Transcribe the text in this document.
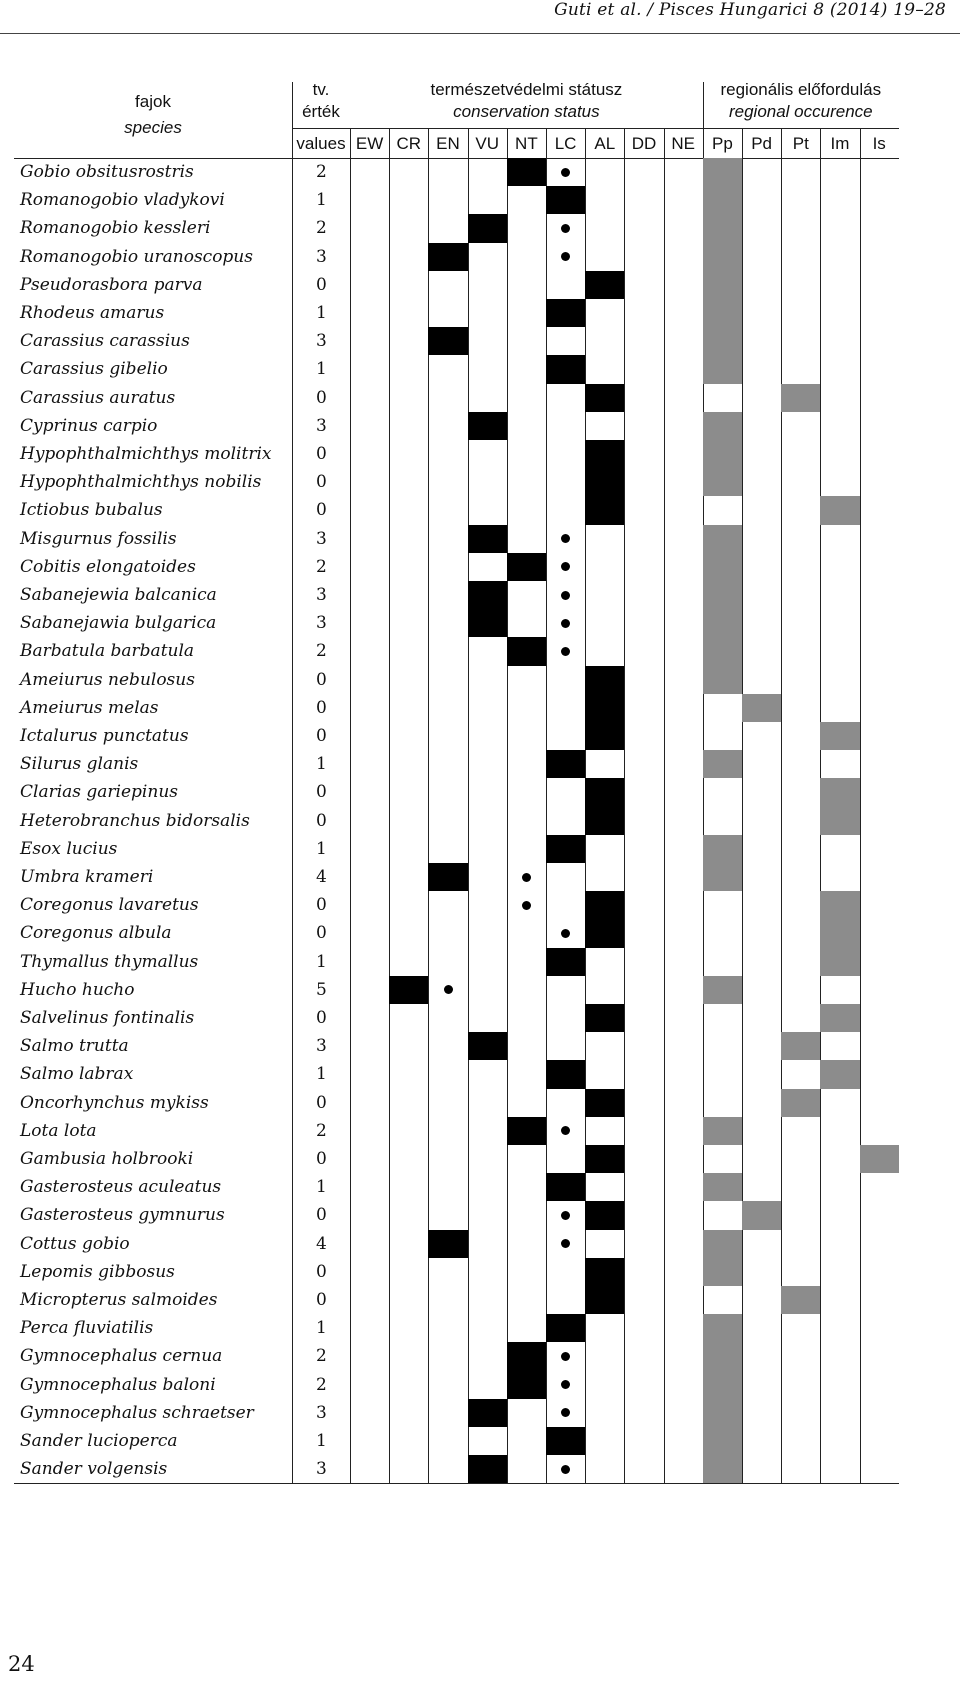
Guti et al. / Pisces Hungarici 8 (2014) 19–28
fajok
species
tv.
érték
természetvédelmi státusz
conservation status
regionális előfordulás
regional occurence
values EW CR EN VU NT	LC	AL DD NE Pp	Pd	Pt	Im	Is
Gobio obsitusrostris	2
Romanogobio vladykovi	1
Romanogobio kessleri	2
Romanogobio uranoscopus	3
Pseudorasbora parva	0
Rhodeus amarus	1
Carassius carassius	3
Carassius gibelio	1
Carassius auratus	0
Cyprinus carpio	3
Hypophthalmichthys molitrix	0
Hypophthalmichthys nobilis	0
Ictiobus bubalus	0
Misgurnus fossilis	3
Cobitis elongatoides	2
Sabanejewia balcanica	3
Sabanejawia bulgarica	3
Barbatula barbatula	2
Ameiurus nebulosus	0
Ameiurus melas	0
Ictalurus punctatus	0
Silurus glanis	1
Clarias gariepinus	0
Heterobranchus bidorsalis	0
Esox lucius	1
Umbra krameri	4
Coregonus lavaretus	0
Coregonus albula	0
Thymallus thymallus	1
Hucho hucho	5
Salvelinus fontinalis	0
Salmo trutta	3
Salmo labrax	1
Oncorhynchus mykiss	0
Lota lota	2
Gambusia holbrooki	0
Gasterosteus aculeatus	1
Gasterosteus gymnurus	0
Cottus gobio	4
Lepomis gibbosus	0
Micropterus salmoides	0
Perca fluviatilis	1
Gymnocephalus cernua	2
Gymnocephalus baloni	2
Gymnocephalus schraetser	3
Sander lucioperca	1
Sander volgensis	3
24
